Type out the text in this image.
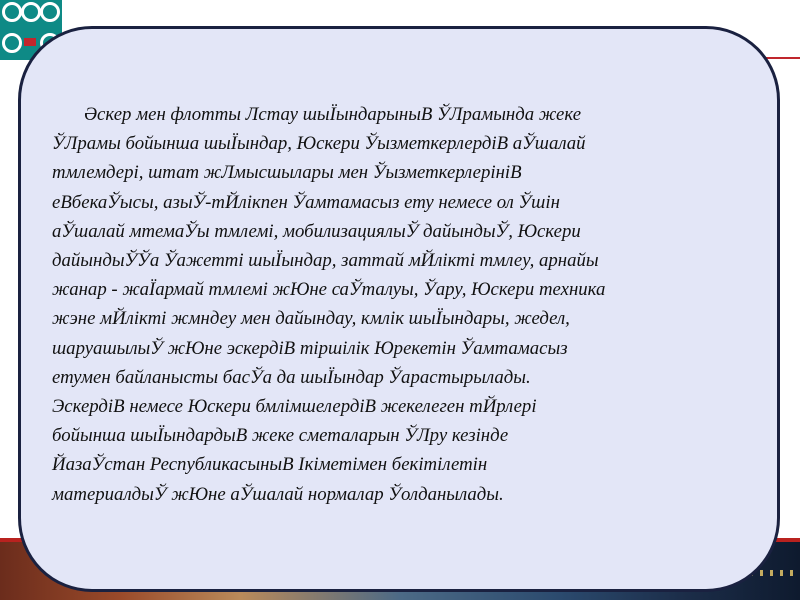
Әскер мен флотты Лстау шыЇындарыныВ ЎЛрамында жеке
ЎЛрамы бойынша шыЇындар, Юскери ЎызметкерлердіВ аЎшалай
тмлемдері, штат жЛмысшылары мен ЎызметкерлерініВ
еВбекаЎысы, азыЎ-тЙлікпен Ўамтамасыз ету немесе ол Ўшін
аЎшалай мтемаЎы тмлемі, мобилизациялыЎ дайындыЎ, Юскери
дайындыЎЎа Ўажетті шыЇындар, заттай мЙлікті тмлеу, арнайы
жанар - жаЇармай тмлемі жЮне саЎталуы, Ўару, Юскери техника
жэне мЙлікті жмндеу мен дайындау, кмлік шыЇындары, жедел,
шаруашылыЎ жЮне эскердіВ тіршілік Юрекетін Ўамтамасыз
етумен байланысты басЎа да шыЇындар Ўарастырылады.
ЭскердіВ немесе Юскери бмлімшелердіВ жекелеген тЙрлері
бойынша шыЇындардыВ жеке сметаларын ЎЛру кезінде
ЙазаЎстан РеспубликасыныВ Ікіметімен бекітілетін
материалдыЎ жЮне аЎшалай нормалар Ўолданылады.
